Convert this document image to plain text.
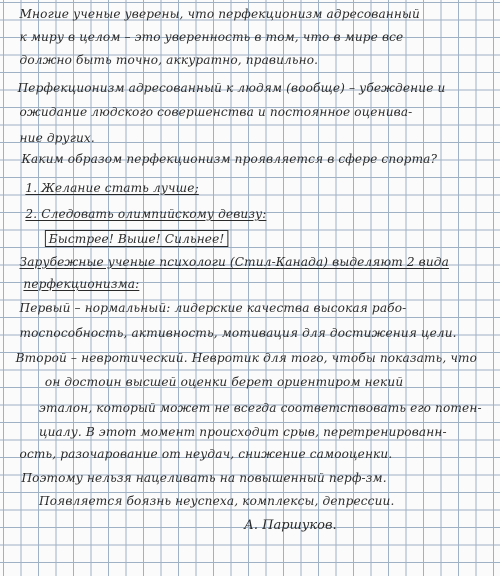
Многие ученые уверены, что перфекционизм адресованный
к миру в целом – это уверенность в том, что в мире все
должно быть точно, аккуратно, правильно.
Перфекционизм адресованный к людям (вообще) – убеждение и
ожидание людского совершенства и постоянное оценива-
ние других.
Каким образом перфекционизм проявляется в сфере спорта?
1. Желание стать лучше;
2. Следовать олимпийскому девизу:
Быстрее! Выше! Сильнее!
Зарубежные ученые психологи (Стил-Канада) выделяют 2 вида
перфекционизма:
Первый – нормальный: лидерские качества высокая рабо-
тоспособность, активность, мотивация для достижения цели.
Второй – невротический. Невротик для того, чтобы показать, что
он достоин высшей оценки берет ориентиром некий
эталон, который может не всегда соответствовать его потен-
циалу. В этот момент происходит срыв, перетренированн-
ость, разочарование от неудач, снижение самооценки.
Поэтому нельзя нацеливать на повышенный перф-зм.
Появляется боязнь неуспеха, комплексы, депрессии.
А. Паршуков.
